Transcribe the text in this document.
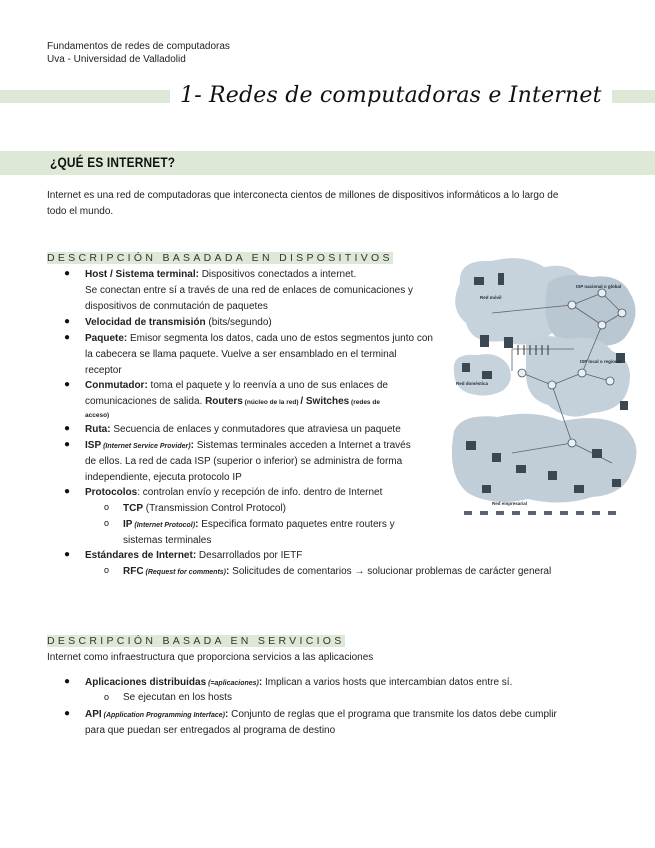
Fundamentos de redes de computadoras
Uva - Universidad de Valladolid
1- Redes de computadoras e Internet
¿QUÉ ES INTERNET?
Internet es una red de computadoras que interconecta cientos de millones de dispositivos informáticos a lo largo de
todo el mundo.
DESCRIPCIÓN BASADADA EN DISPOSITIVOS
● Host / Sistema terminal: Dispositivos conectados a internet.
Se conectan entre sí a través de una red de enlaces de comunicaciones y
dispositivos de conmutación de paquetes
● Velocidad de transmisión (bits/segundo)
● Paquete: Emisor segmenta los datos, cada uno de estos segmentos junto con
la cabecera se llama paquete. Vuelve a ser ensamblado en el terminal
receptor
● Conmutador: toma el paquete y lo reenvía a uno de sus enlaces de
comunicaciones de salida. Routers (núcleo de la red) / Switches (redes de
acceso)
● Ruta: Secuencia de enlaces y conmutadores que atraviesa un paquete
● ISP (Internet Service Provider): Sistemas terminales acceden a Internet a través
de ellos. La red de cada ISP (superior o inferior) se administra de forma
independiente, ejecuta protocolo IP
● Protocolos: controlan envío y recepción de info. dentro de Internet
o TCP (Transmission Control Protocol)
o IP (Internet Protocol): Especifica formato paquetes entre routers y
sistemas terminales
● Estándares de Internet: Desarrollados por IETF
o RFC (Request for comments): Solicitudes de comentarios → solucionar problemas de carácter general
ISP nacional o global
ISP local o regional
Red doméstica
Red móvil
Red empresarial
DESCRIPCIÓN BASADA EN SERVICIOS
Internet como infraestructura que proporciona servicios a las aplicaciones
● Aplicaciones distribuidas (=aplicaciones): Implican a varios hosts que intercambian datos entre sí.
o Se ejecutan en los hosts
● API (Application Programming Interface): Conjunto de reglas que el programa que transmite los datos debe cumplir
para que puedan ser entregados al programa de destino
